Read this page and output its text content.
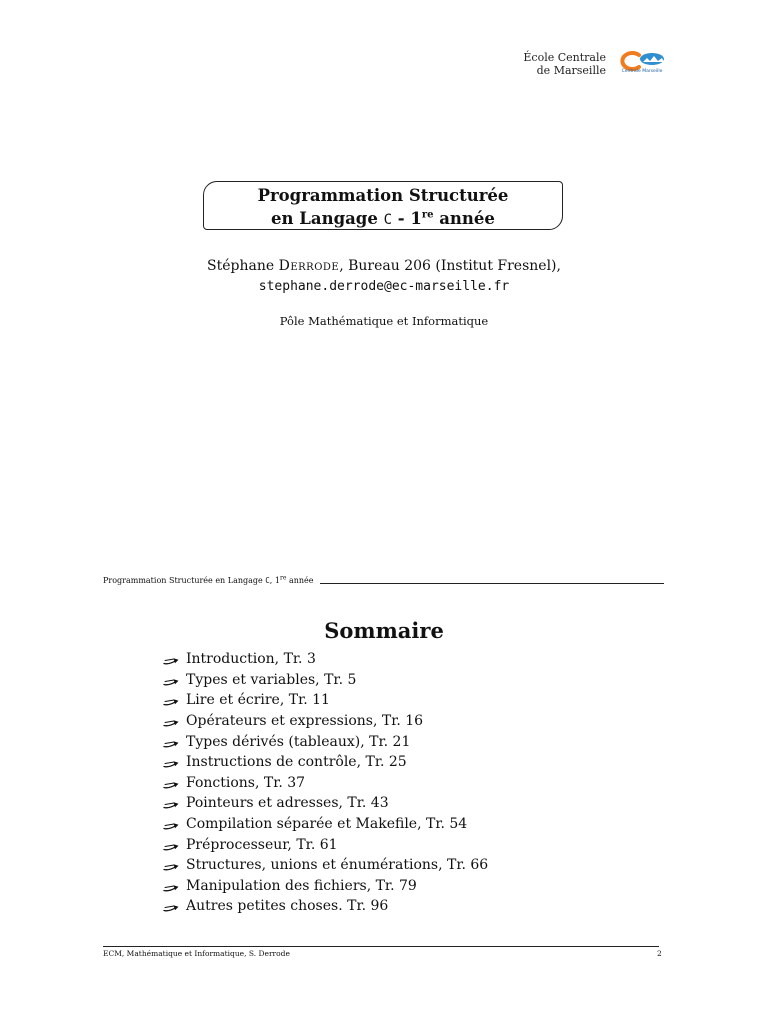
École Centrale
de Marseille	Centrale Marseille
Programmation Structurée
en Langage C - 1re année
Stéphane Derrode, Bureau 206 (Institut Fresnel),
stephane.derrode@ec-marseille.fr
Pôle Mathématique et Informatique
Programmation Structurée en Langage C, 1re année
Sommaire
Introduction, Tr. 3
Types et variables, Tr. 5
Lire et écrire, Tr. 11
Opérateurs et expressions, Tr. 16
Types dérivés (tableaux), Tr. 21
Instructions de contrôle, Tr. 25
Fonctions, Tr. 37
Pointeurs et adresses, Tr. 43
Compilation séparée et Makefile, Tr. 54
Préprocesseur, Tr. 61
Structures, unions et énumérations, Tr. 66
Manipulation des fichiers, Tr. 79
Autres petites choses. Tr. 96
ECM, Mathématique et Informatique, S. Derrode	2
